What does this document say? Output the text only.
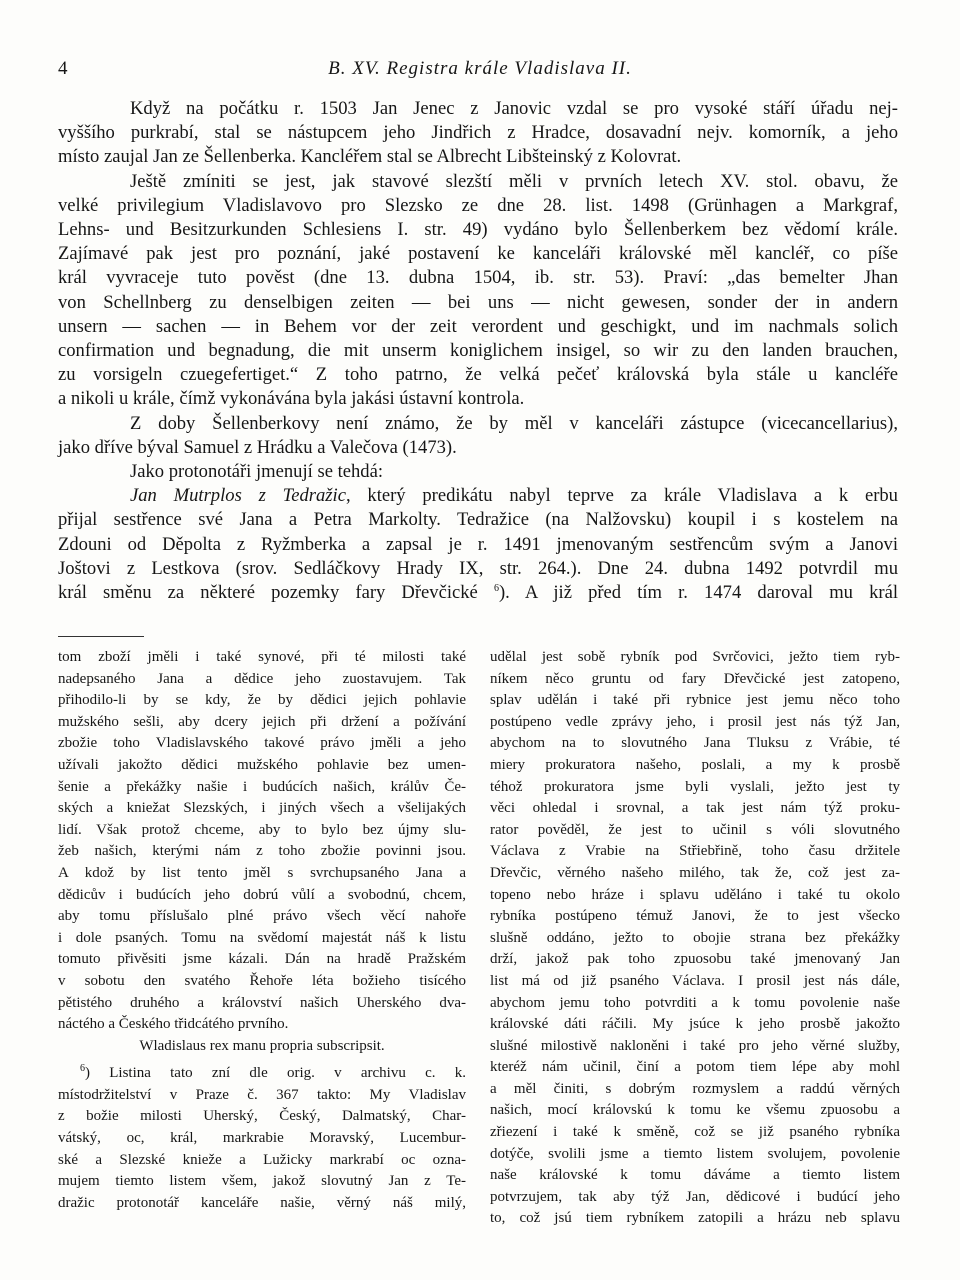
4	B. XV. Registra krále Vladislava II.
Když na počátku r. 1503 Jan Jenec z Janovic vzdal se pro vysoké stáří úřadu nej-
vyššího purkrabí, stal se nástupcem jeho Jindřich z Hradce, dosavadní nejv. komorník, a jeho
místo zaujal Jan ze Šellenberka. Kancléřem stal se Albrecht Libšteinský z Kolovrat.
Ještě zmíniti se jest, jak stavové slezští měli v prvních letech XV. stol. obavu, že
velké privilegium Vladislavovo pro Slezsko ze dne 28. list. 1498 (Grünhagen a Markgraf,
Lehns- und Besitzurkunden Schlesiens I. str. 49) vydáno bylo Šellenberkem bez vědomí krále.
Zajímavé pak jest pro poznání, jaké postavení ke kanceláři královské měl kancléř, co píše
král vyvraceje tuto pověst (dne 13. dubna 1504, ib. str. 53). Praví: „das bemelter Jhan
von Schellnberg zu denselbigen zeiten — bei uns — nicht gewesen, sonder der in andern
unsern — sachen — in Behem vor der zeit verordent und geschigkt, und im nachmals solich
confirmation und begnadung, die mit unserm koniglichem insigel, so wir zu den landen brauchen,
zu vorsigeln czuegefertiget.“ Z toho patrno, že velká pečeť královská byla stále u kancléře
a nikoli u krále, čímž vykonávána byla jakási ústavní kontrola.
Z doby Šellenberkovy není známo, že by měl v kanceláři zástupce (vicecancellarius),
jako dříve býval Samuel z Hrádku a Valečova (1473).
Jako protonotáři jmenují se tehdá:
Jan Mutrplos z Tedražic, který predikátu nabyl teprve za krále Vladislava a k erbu
přijal sestřence své Jana a Petra Markolty. Tedražice (na Nalžovsku) koupil i s kostelem na
Zdouni od Děpolta z Ryžmberka a zapsal je r. 1491 jmenovaným sestřencům svým a Janovi
Joštovi z Lestkova (srov. Sedláčkovy Hrady IX, str. 264.). Dne 24. dubna 1492 potvrdil mu
král směnu za některé pozemky fary Dřevčické $^6$). A již před tím r. 1474 daroval mu král
tom zboží jměli i také synové, při té milosti také
nadepsaného Jana a dědice jeho zuostavujem. Tak
přihodilo-li by se kdy, že by dědici jejich pohlavie
mužského sešli, aby dcery jejich při držení a požívání
zbožie toho Vladislavského takové právo jměli a jeho
užívali jakožto dědici mužského pohlavie bez umen-
šenie a překážky našie i budúcích našich, králův Če-
ských a kniežat Slezských, i jiných všech a všelijakých
lidí. Však protož chceme, aby to bylo bez újmy slu-
žeb našich, kterými nám z toho zbožie povinni jsou.
A kdož by list tento jměl s svrchupsaného Jana a
dědicův i budúcích jeho dobrú vůlí a svobodnú, chcem,
aby tomu příslušalo plné právo všech věcí nahoře
i dole psaných. Tomu na svědomí majestát náš k listu
tomuto přivěsiti jsme kázali. Dán na hradě Pražském
v sobotu den svatého Řehoře léta božieho tisícého
pětistého druhého a království našich Uherského dva-
náctého a Českého třidcátého prvního.
Wladislaus rex manu propria subscripsit.
$^6$) Listina tato zní dle orig. v archivu c. k.
místodržitelství v Praze č. 367 takto: My Vladislav
z božie milosti Uherský, Český, Dalmatský, Char-
vátský, oc, král, markrabie Moravský, Lucembur-
ské a Slezské knieže a Lužicky markrabí oc ozna-
mujem tiemto listem všem, jakož slovutný Jan z Te-
dražic protonotář kanceláře našie, věrný náš milý,
udělal jest sobě rybník pod Svrčovici, ježto tiem ryb-
níkem něco gruntu od fary Dřevčické jest zatopeno,
splav udělán i také při rybnice jest jemu něco toho
postúpeno vedle zprávy jeho, i prosil jest nás týž Jan,
abychom na to slovutného Jana Tluksu z Vrábie, té
miery prokuratora našeho, poslali, a my k prosbě
téhož prokuratora jsme byli vyslali, ježto jest ty
věci ohledal i srovnal, a tak jest nám týž proku-
rator pověděl, že jest to učinil s vóli slovutného
Václava z Vrabie na Střiebřině, toho času držitele
Dřevčic, věrného našeho milého, tak že, což jest za-
topeno nebo hráze i splavu uděláno i také tu okolo
rybníka postúpeno témuž Janovi, že to jest všecko
slušně oddáno, ježto to obojie strana bez překážky
drží, jakož pak toho zpuosobu také jmenovaný Jan
list má od již psaného Václava. I prosil jest nás dále,
abychom jemu toho potvrditi a k tomu povolenie naše
královské dáti ráčili. My jsúce k jeho prosbě jakožto
slušné milostivě nakloněni i také pro jeho věrné služby,
kteréž nám učinil, činí a potom tiem lépe aby mohl
a měl činiti, s dobrým rozmyslem a raddú věrných
našich, mocí královskú k tomu ke všemu zpuosobu a
zřiezení i také k směně, což se již psaného rybníka
dotýče, svolili jsme a tiemto listem svolujem, povolenie
naše královské k tomu dáváme a tiemto listem
potvrzujem, tak aby týž Jan, dědicové i budúcí jeho
to, což jsú tiem rybníkem zatopili a hrázu neb splavu
